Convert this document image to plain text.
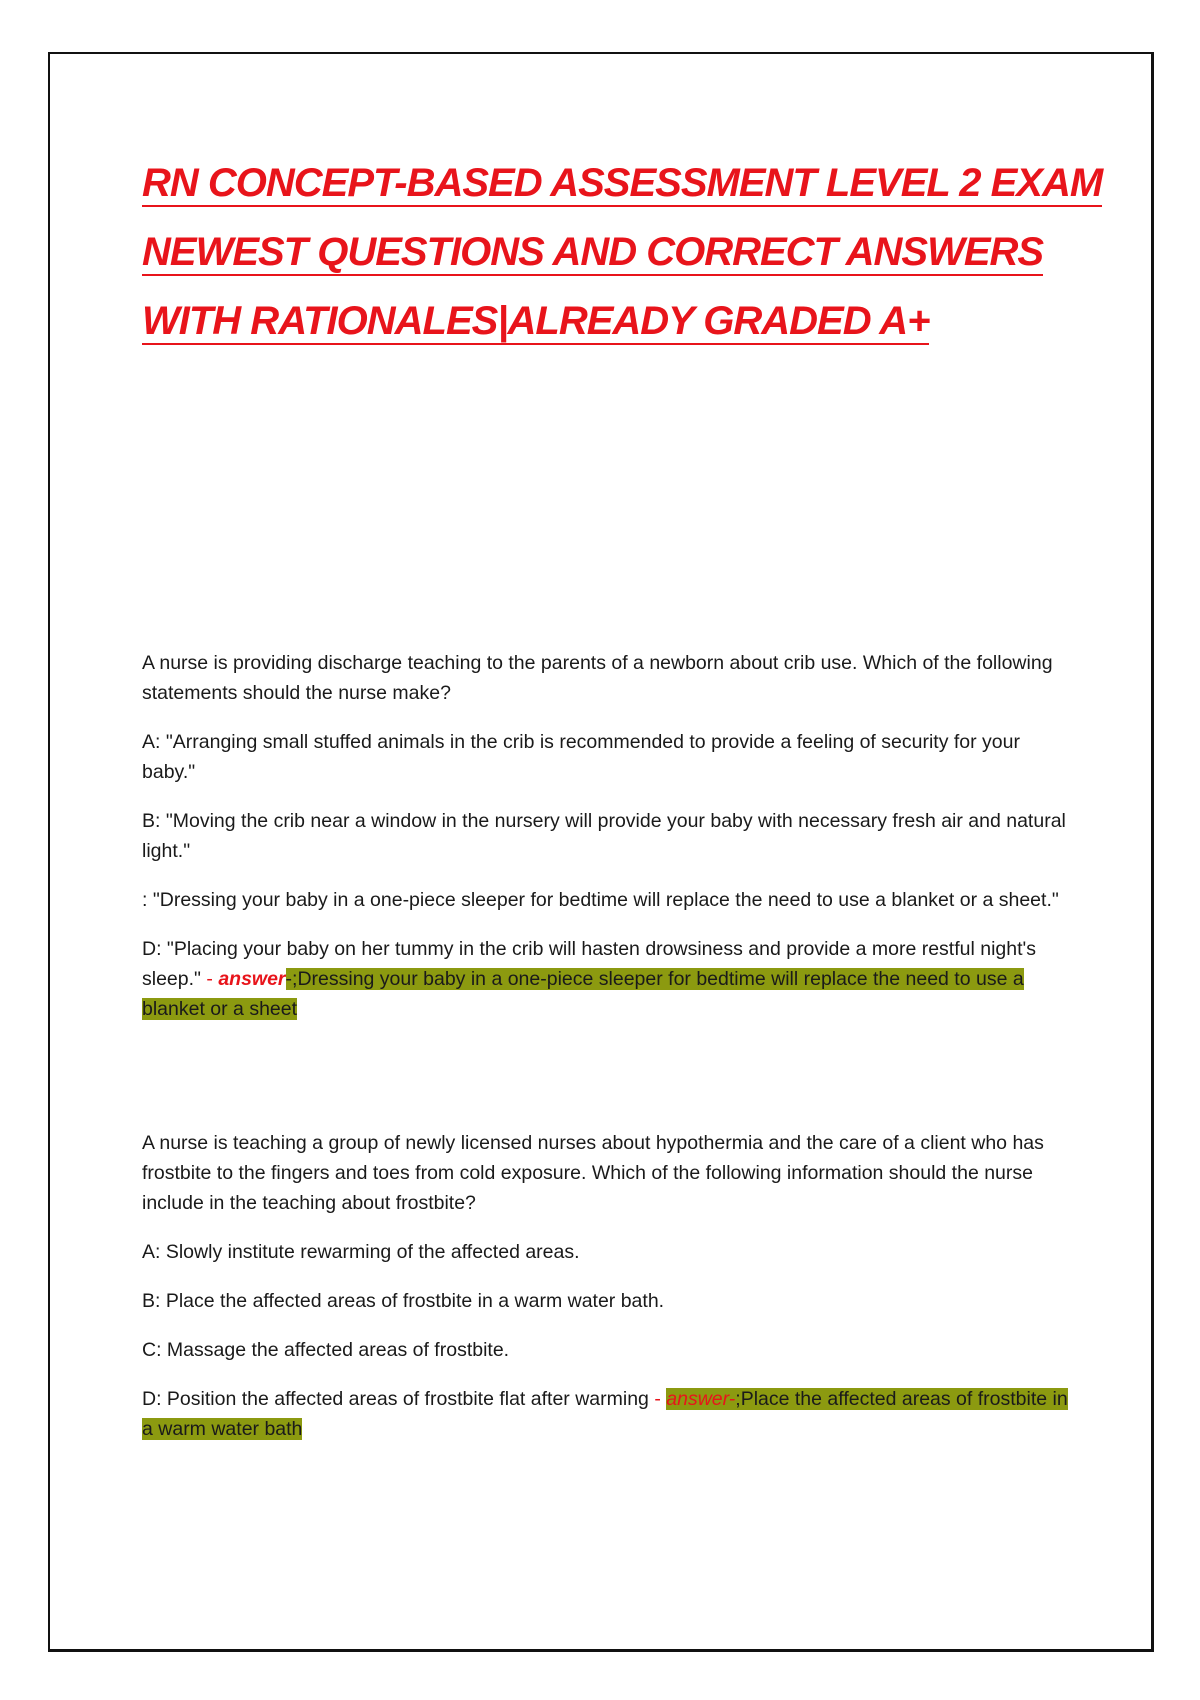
RN CONCEPT-BASED ASSESSMENT LEVEL 2 EXAM
NEWEST QUESTIONS AND CORRECT ANSWERS
WITH RATIONALES|ALREADY GRADED A+

A nurse is providing discharge teaching to the parents of a newborn about crib use. Which of the following statements should the nurse make?

A: "Arranging small stuffed animals in the crib is recommended to provide a feeling of security for your baby."

B: "Moving the crib near a window in the nursery will provide your baby with necessary fresh air and natural light."

: "Dressing your baby in a one-piece sleeper for bedtime will replace the need to use a blanket or a sheet."

D: "Placing your baby on her tummy in the crib will hasten drowsiness and provide a more restful night's sleep." - answer-;Dressing your baby in a one-piece sleeper for bedtime will replace the need to use a blanket or a sheet

A nurse is teaching a group of newly licensed nurses about hypothermia and the care of a client who has frostbite to the fingers and toes from cold exposure. Which of the following information should the nurse include in the teaching about frostbite?

A: Slowly institute rewarming of the affected areas.

B: Place the affected areas of frostbite in a warm water bath.

C: Massage the affected areas of frostbite.

D: Position the affected areas of frostbite flat after warming - answer-;Place the affected areas of frostbite in a warm water bath
